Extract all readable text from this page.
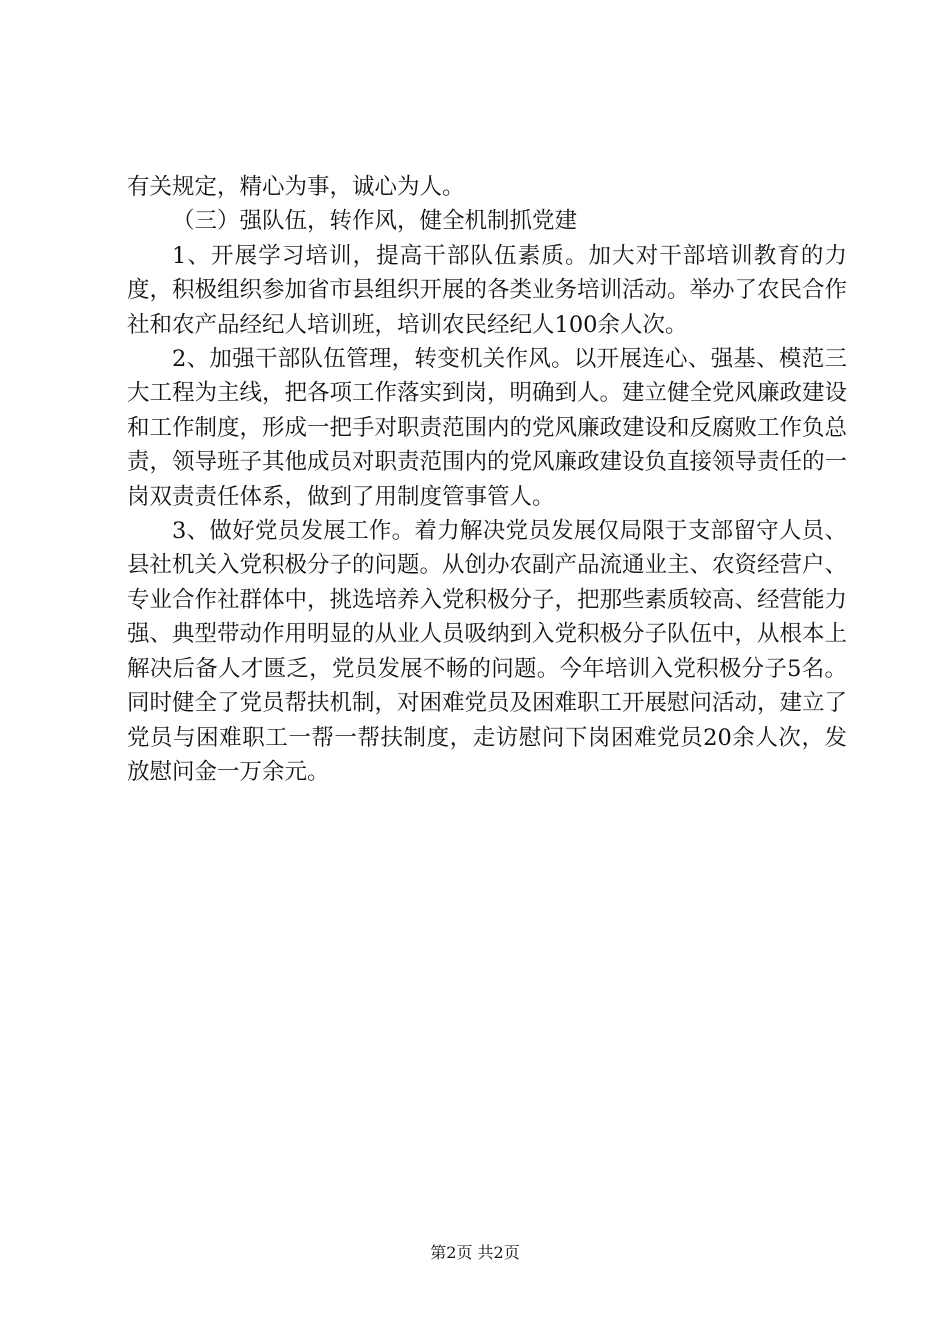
有关规定，精心为事，诚心为人。

（三）强队伍，转作风，健全机制抓党建

1、开展学习培训，提高干部队伍素质。加大对干部培训教育的力度，积极组织参加省市县组织开展的各类业务培训活动。举办了农民合作社和农产品经纪人培训班，培训农民经纪人100余人次。

2、加强干部队伍管理，转变机关作风。以开展连心、强基、模范三大工程为主线，把各项工作落实到岗，明确到人。建立健全党风廉政建设和工作制度，形成一把手对职责范围内的党风廉政建设和反腐败工作负总责，领导班子其他成员对职责范围内的党风廉政建设负直接领导责任的一岗双责责任体系，做到了用制度管事管人。

3、做好党员发展工作。着力解决党员发展仅局限于支部留守人员、县社机关入党积极分子的问题。从创办农副产品流通业主、农资经营户、专业合作社群体中，挑选培养入党积极分子，把那些素质较高、经营能力强、典型带动作用明显的从业人员吸纳到入党积极分子队伍中，从根本上解决后备人才匮乏，党员发展不畅的问题。今年培训入党积极分子5名。同时健全了党员帮扶机制，对困难党员及困难职工开展慰问活动，建立了党员与困难职工一帮一帮扶制度，走访慰问下岗困难党员20余人次，发放慰问金一万余元。

第2页 共2页
